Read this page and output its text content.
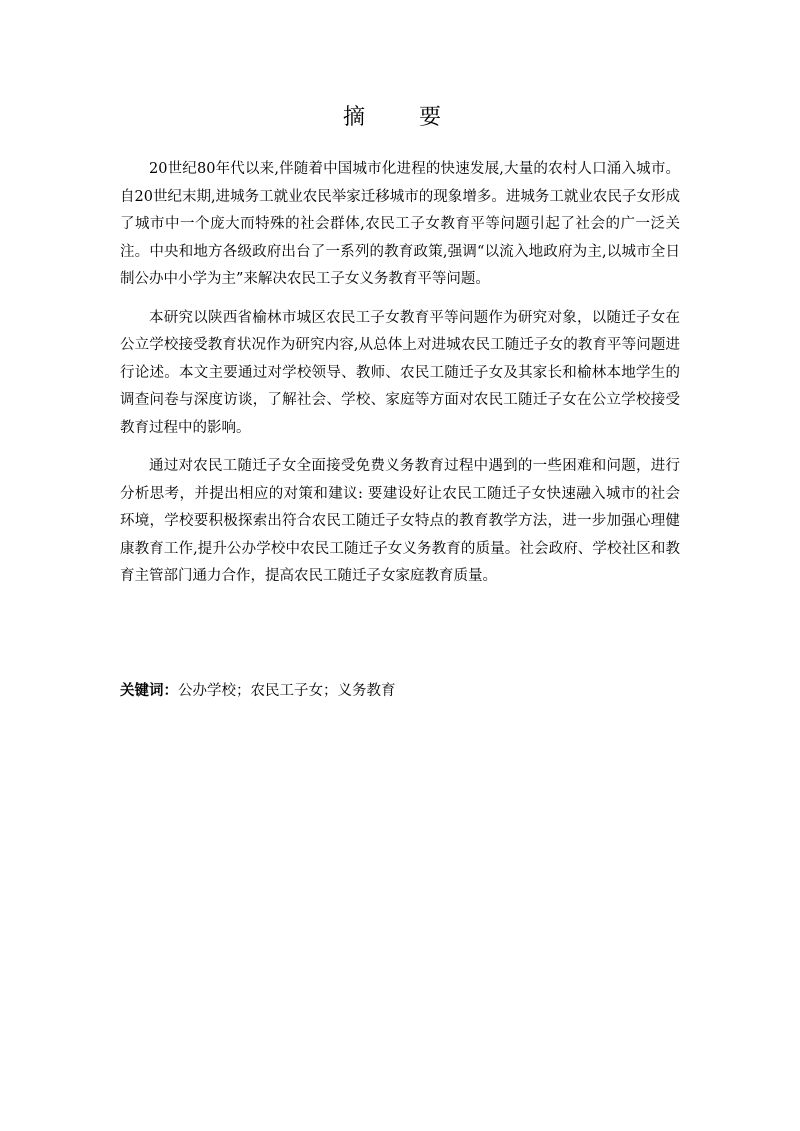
摘　要

20世纪80年代以来,伴随着中国城市化进程的快速发展,大量的农村人口涌入城市。自20世纪末期,进城务工就业农民举家迁移城市的现象增多。进城务工就业农民子女形成了城市中一个庞大而特殊的社会群体,农民工子女教育平等问题引起了社会的广一泛关注。中央和地方各级政府出台了一系列的教育政策,强调“以流入地政府为主,以城市全日制公办中小学为主”来解决农民工子女义务教育平等问题。

本研究以陕西省榆林市城区农民工子女教育平等问题作为研究对象，以随迁子女在公立学校接受教育状况作为研究内容,从总体上对进城农民工随迁子女的教育平等问题进行论述。本文主要通过对学校领导、教师、农民工随迁子女及其家长和榆林本地学生的调查问卷与深度访谈，了解社会、学校、家庭等方面对农民工随迁子女在公立学校接受教育过程中的影响。

通过对农民工随迁子女全面接受免费义务教育过程中遇到的一些困难和问题，进行分析思考，并提出相应的对策和建议: 要建设好让农民工随迁子女快速融入城市的社会环境，学校要积极探索出符合农民工随迁子女特点的教育教学方法，进一步加强心理健康教育工作,提升公办学校中农民工随迁子女义务教育的质量。社会政府、学校社区和教育主管部门通力合作，提高农民工随迁子女家庭教育质量。

关键词：公办学校；农民工子女；义务教育
